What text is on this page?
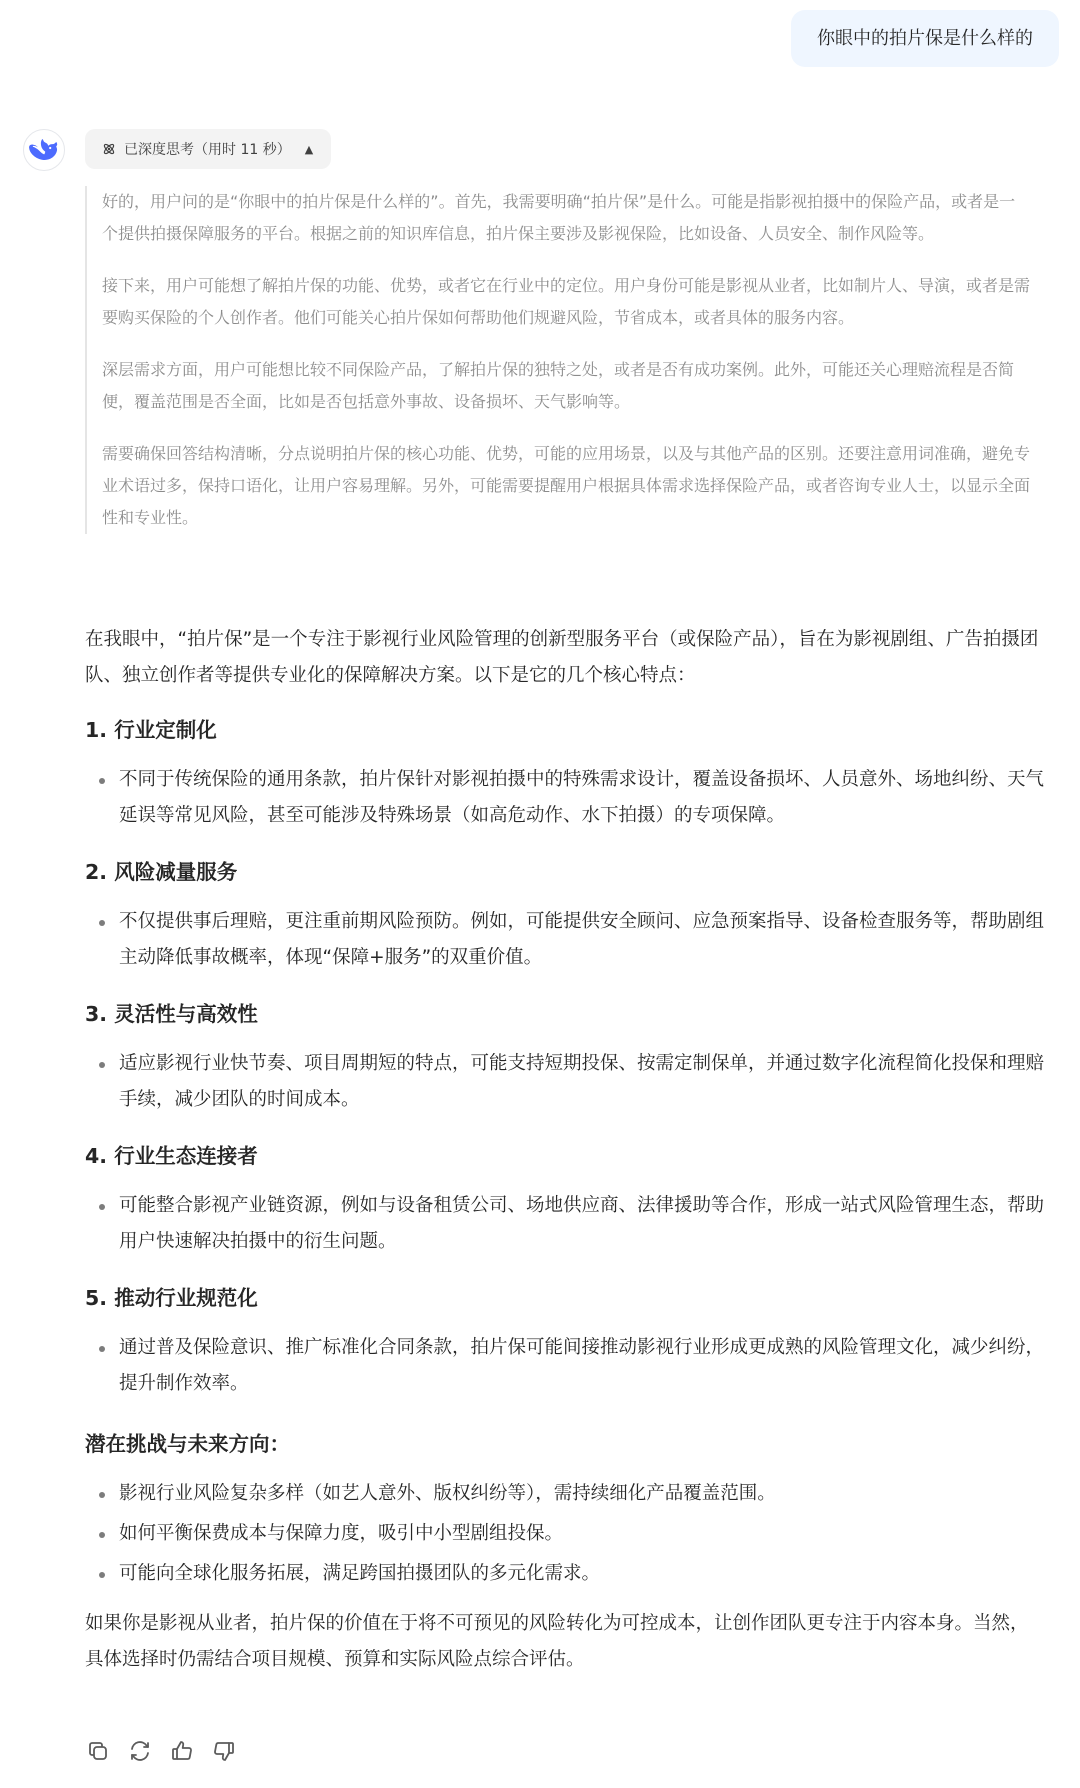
你眼中的拍片保是什么样的
已深度思考（用时 11 秒） ▲

好的，用户问的是“你眼中的拍片保是什么样的”。首先，我需要明确“拍片保”是什么。可能是指影视拍摄中的保险产品，或者是一个提供拍摄保障服务的平台。根据之前的知识库信息，拍片保主要涉及影视保险，比如设备、人员安全、制作风险等。

接下来，用户可能想了解拍片保的功能、优势，或者它在行业中的定位。用户身份可能是影视从业者，比如制片人、导演，或者是需要购买保险的个人创作者。他们可能关心拍片保如何帮助他们规避风险，节省成本，或者具体的服务内容。

深层需求方面，用户可能想比较不同保险产品，了解拍片保的独特之处，或者是否有成功案例。此外，可能还关心理赔流程是否简便，覆盖范围是否全面，比如是否包括意外事故、设备损坏、天气影响等。

需要确保回答结构清晰，分点说明拍片保的核心功能、优势，可能的应用场景，以及与其他产品的区别。还要注意用词准确，避免专业术语过多，保持口语化，让用户容易理解。另外，可能需要提醒用户根据具体需求选择保险产品，或者咨询专业人士，以显示全面性和专业性。

在我眼中，“拍片保”是一个专注于影视行业风险管理的创新型服务平台（或保险产品），旨在为影视剧组、广告拍摄团队、独立创作者等提供专业化的保障解决方案。以下是它的几个核心特点：

1. 行业定制化
不同于传统保险的通用条款，拍片保针对影视拍摄中的特殊需求设计，覆盖设备损坏、人员意外、场地纠纷、天气延误等常见风险，甚至可能涉及特殊场景（如高危动作、水下拍摄）的专项保障。
2. 风险减量服务
不仅提供事后理赔，更注重前期风险预防。例如，可能提供安全顾问、应急预案指导、设备检查服务等，帮助剧组主动降低事故概率，体现“保障+服务”的双重价值。
3. 灵活性与高效性
适应影视行业快节奏、项目周期短的特点，可能支持短期投保、按需定制保单，并通过数字化流程简化投保和理赔手续，减少团队的时间成本。
4. 行业生态连接者
可能整合影视产业链资源，例如与设备租赁公司、场地供应商、法律援助等合作，形成一站式风险管理生态，帮助用户快速解决拍摄中的衍生问题。
5. 推动行业规范化
通过普及保险意识、推广标准化合同条款，拍片保可能间接推动影视行业形成更成熟的风险管理文化，减少纠纷，提升制作效率。
潜在挑战与未来方向：
影视行业风险复杂多样（如艺人意外、版权纠纷等），需持续细化产品覆盖范围。
如何平衡保费成本与保障力度，吸引中小型剧组投保。
可能向全球化服务拓展，满足跨国拍摄团队的多元化需求。

如果你是影视从业者，拍片保的价值在于将不可预见的风险转化为可控成本，让创作团队更专注于内容本身。当然，具体选择时仍需结合项目规模、预算和实际风险点综合评估。
